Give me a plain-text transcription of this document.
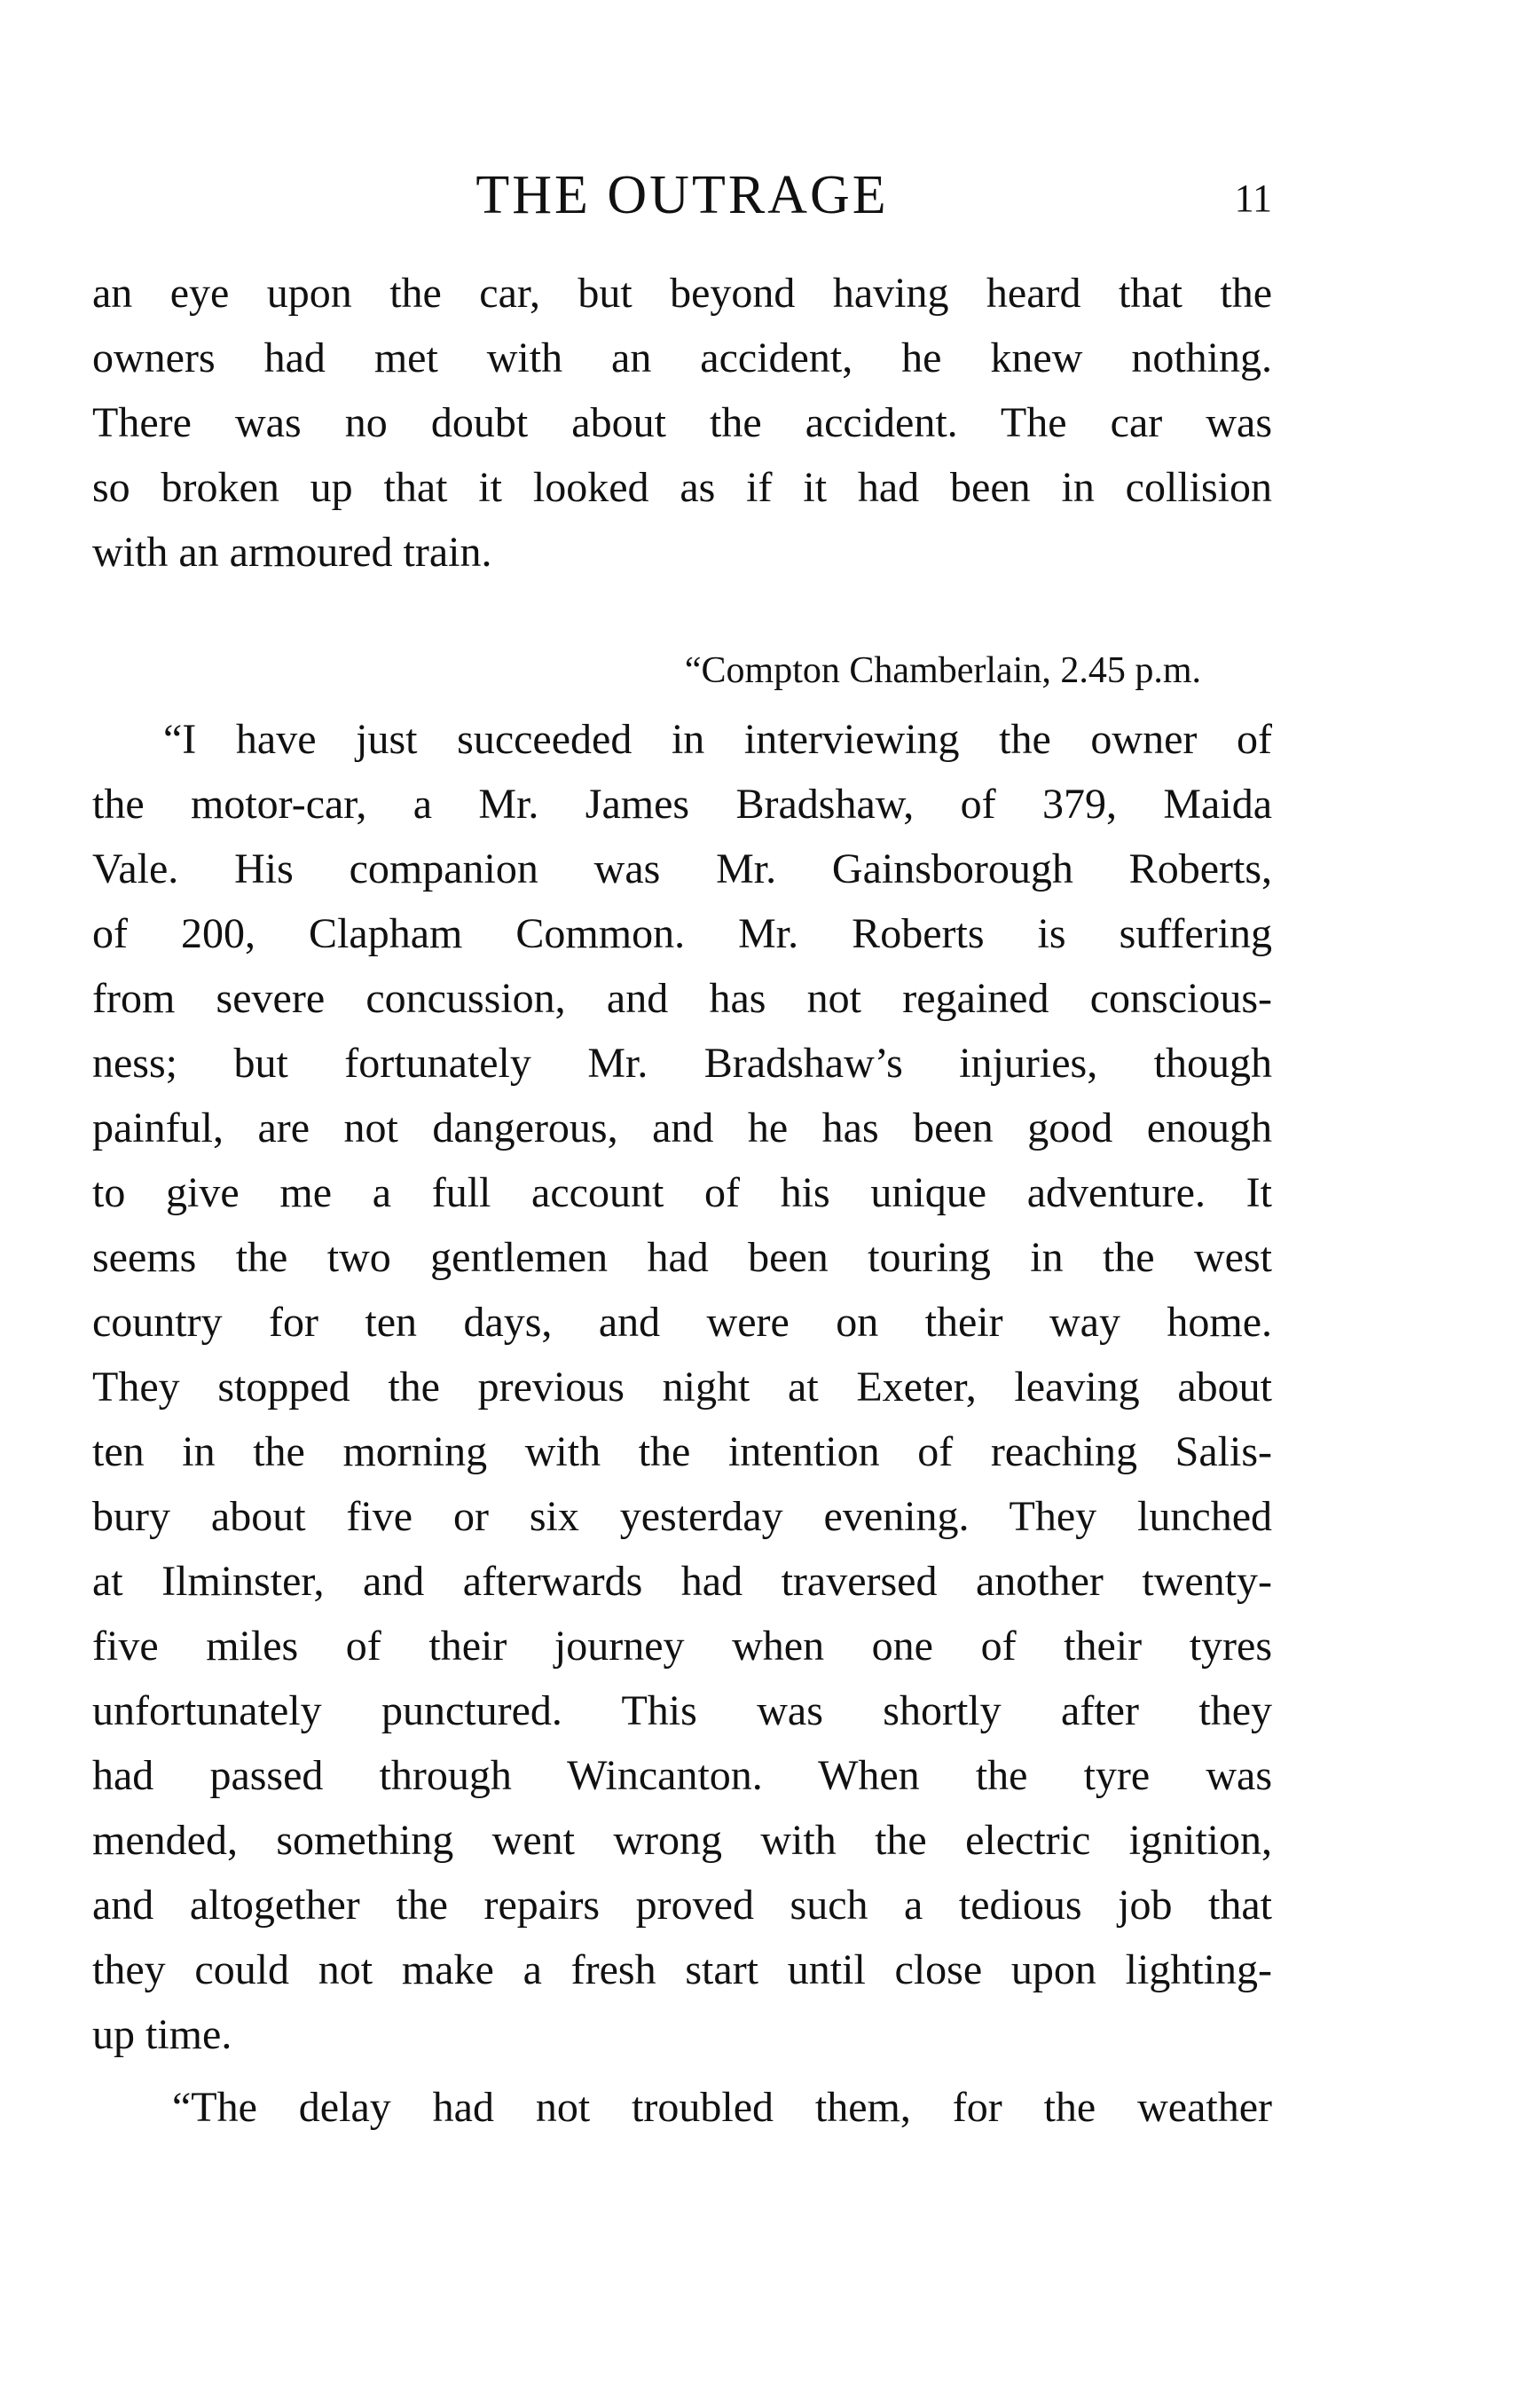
THE OUTRAGE	11
an eye upon the car, but beyond having heard that the
owners had met with an accident, he knew nothing.
There was no doubt about the accident. The car was
so broken up that it looked as if it had been in collision
with an armoured train.
“Compton Chamberlain, 2.45 p.m.
“I have just succeeded in interviewing the owner of
the motor-car, a Mr. James Bradshaw, of 379, Maida
Vale. His companion was Mr. Gainsborough Roberts,
of 200, Clapham Common. Mr. Roberts is suffering
from severe concussion, and has not regained conscious-
ness; but fortunately Mr. Bradshaw’s injuries, though
painful, are not dangerous, and he has been good enough
to give me a full account of his unique adventure. It
seems the two gentlemen had been touring in the west
country for ten days, and were on their way home.
They stopped the previous night at Exeter, leaving about
ten in the morning with the intention of reaching Salis-
bury about five or six yesterday evening. They lunched
at Ilminster, and afterwards had traversed another twenty-
five miles of their journey when one of their tyres
unfortunately punctured. This was shortly after they
had passed through Wincanton. When the tyre was
mended, something went wrong with the electric ignition,
and altogether the repairs proved such a tedious job that
they could not make a fresh start until close upon lighting-
up time.
“The delay had not troubled them, for the weather
